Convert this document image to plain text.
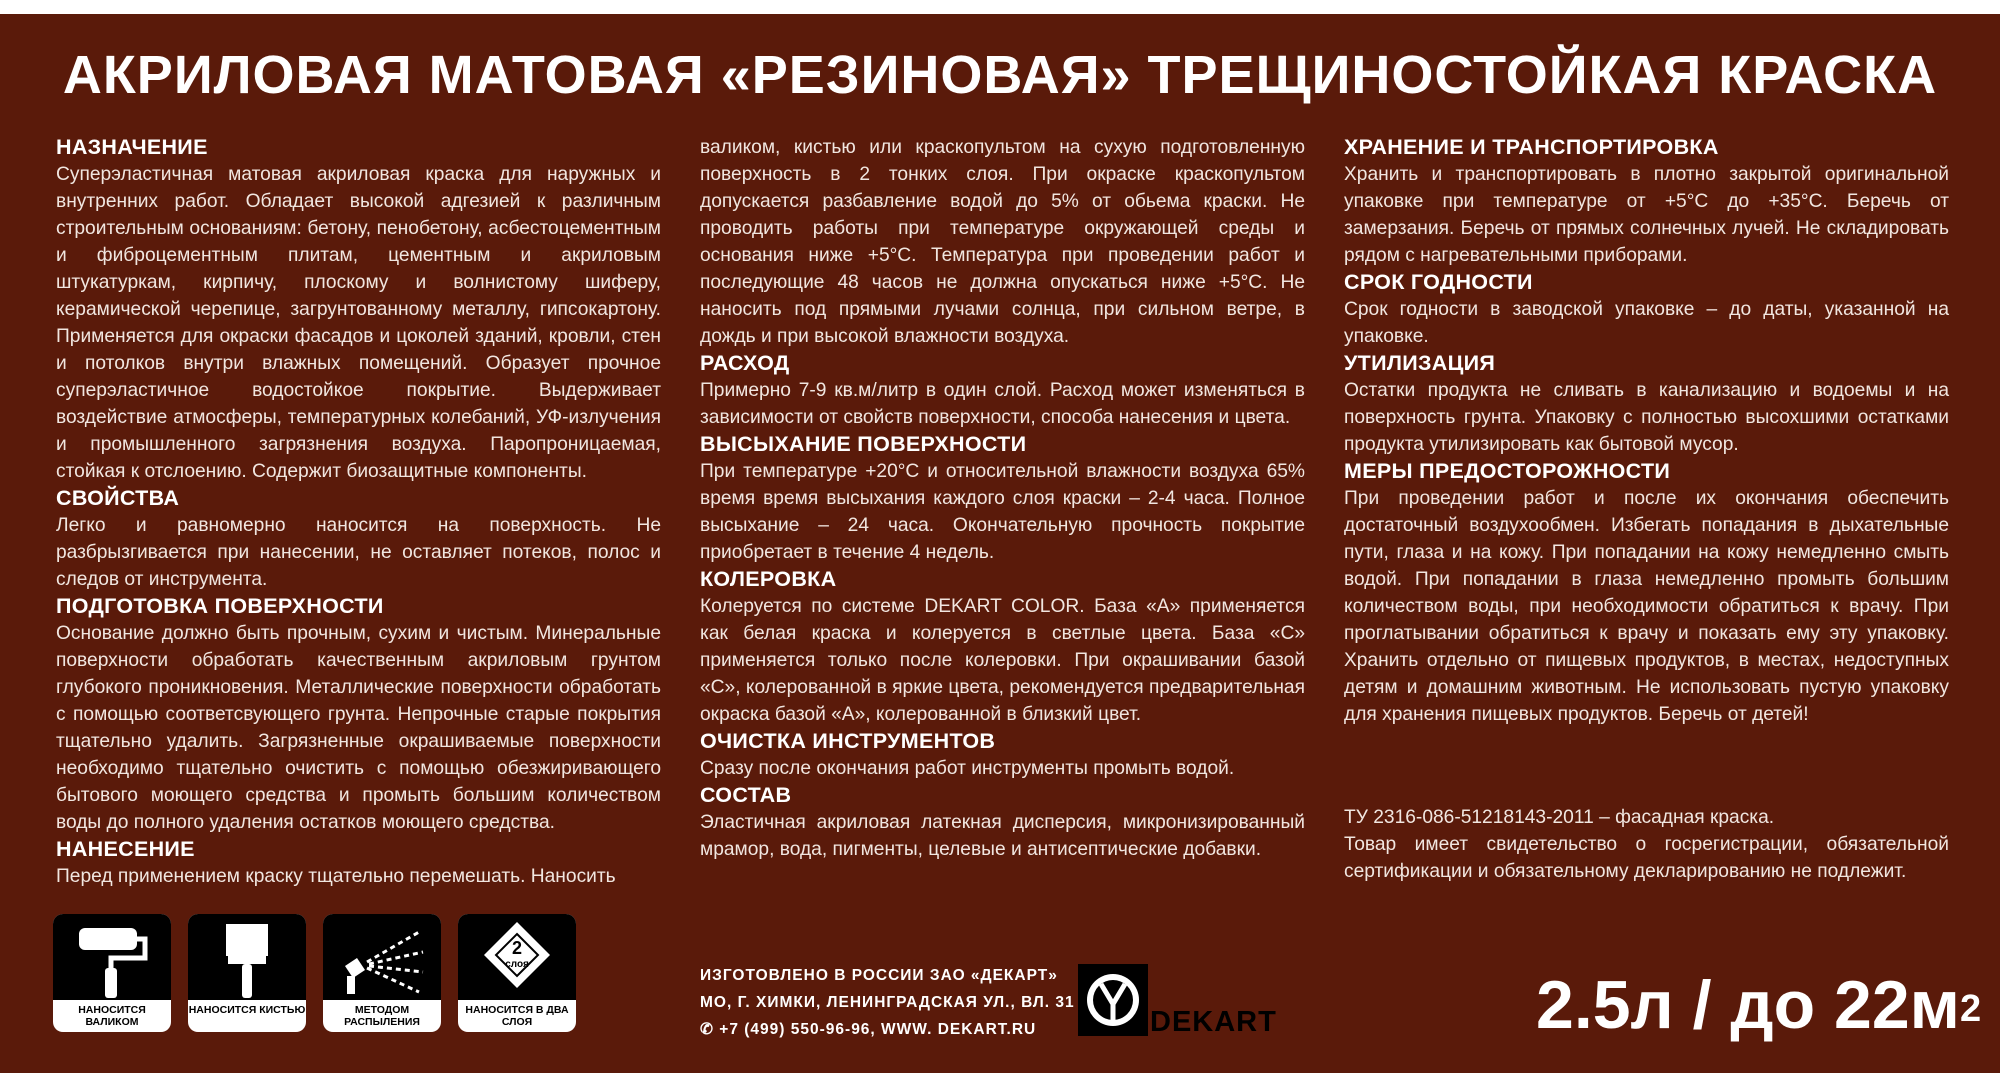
АКРИЛОВАЯ МАТОВАЯ «РЕЗИНОВАЯ» ТРЕЩИНОСТОЙКАЯ КРАСКА
НАЗНАЧЕНИЕ

Суперэластичная матовая акриловая краска для наружных и внутренних работ. Обладает высокой адгезией к различным строительным основаниям: бетону, пенобетону, асбестоцементным и фиброцементным плитам, цементным и акриловым штукатуркам, кирпичу, плоскому и волнистому шиферу, керамической черепице, загрунтованному металлу, гипсокартону. Применяется для окраски фасадов и цоколей зданий, кровли, стен и потолков внутри влажных помещений. Образует прочное суперэластичное водостойкое покрытие. Выдерживает воздействие атмосферы, температурных колебаний, УФ-излучения и промышленного загрязнения воздуха. Паропроницаемая, стойкая к отслоению. Содержит биозащитные компоненты.

СВОЙСТВА

Легко и равномерно наносится на поверхность. Не разбрызгивается при нанесении, не оставляет потеков, полос и следов от инструмента.

ПОДГОТОВКА ПОВЕРХНОСТИ

Основание должно быть прочным, сухим и чистым. Минеральные поверхности обработать качественным акриловым грунтом глубокого проникновения. Металлические поверхности обработать с помощью соответсвующего грунта. Непрочные старые покрытия тщательно удалить. Загрязненные окрашиваемые поверхности необходимо тщательно очистить с помощью обезжиривающего бытового моющего средства и промыть большим количеством воды до полного удаления остатков моющего средства.

НАНЕСЕНИЕ

Перед применением краску тщательно перемешать. Наносить

валиком, кистью или краскопультом на сухую подготовленную поверхность в 2 тонких слоя. При окраске краскопультом допускается разбавление водой до 5% от обьема краски. Не проводить работы при температуре окружающей среды и основания ниже +5°С. Температура при проведении работ и последующие 48 часов не должна опускаться ниже +5°С. Не наносить под прямыми лучами солнца, при сильном ветре, в дождь и при высокой влажности воздуха.

РАСХОД

Примерно 7-9 кв.м/литр в один слой. Расход может изменяться в зависимости от свойств поверхности, способа нанесения и цвета.

ВЫСЫХАНИЕ ПОВЕРХНОСТИ

При температуре +20°С и относительной влажности воздуха 65% время время высыхания каждого слоя краски – 2-4 часа. Полное высыхание – 24 часа. Окончательную прочность покрытие приобретает в течение 4 недель.

КОЛЕРОВКА

Колеруется по системе DEKART COLOR. База «А» применяется как белая краска и колеруется в светлые цвета. База «С» применяется только после колеровки. При окрашивании базой «С», колерованной в яркие цвета, рекомендуется предварительная окраска базой «А», колерованной в близкий цвет.

ОЧИСТКА ИНСТРУМЕНТОВ

Сразу после окончания работ инструменты промыть водой.

СОСТАВ

Эластичная акриловая латекная дисперсия, микронизированный мрамор, вода, пигменты, целевые и антисептические добавки.

ХРАНЕНИЕ И ТРАНСПОРТИРОВКА

Хранить и транспортировать в плотно закрытой оригинальной упаковке при температуре от +5°С до +35°С. Беречь от замерзания. Беречь от прямых солнечных лучей. Не складировать рядом с нагревательными приборами.

СРОК ГОДНОСТИ

Срок годности в заводской упаковке – до даты, указанной на упаковке.

УТИЛИЗАЦИЯ

Остатки продукта не сливать в канализацию и водоемы и на поверхность грунта. Упаковку с полностью высохшими остатками продукта утилизировать как бытовой мусор.

МЕРЫ ПРЕДОСТОРОЖНОСТИ

При проведении работ и после их окончания обеспечить достаточный воздухообмен. Избегать попадания в дыхательные пути, глаза и на кожу. При попадании на кожу немедленно смыть водой. При попадании в глаза немедленно промыть большим количеством воды, при необходимости обратиться к врачу. При проглатывании обратиться к врачу и показать ему эту упаковку. Хранить отдельно от пищевых продуктов, в местах, недоступных детям и домашним животным. Не использовать пустую упаковку для хранения пищевых продуктов. Беречь от детей!

ТУ 2316-086-51218143-2011 – фасадная краска.

Товар имеет свидетельство о госрегистрации, обязательной сертификации и обязательному декларированию не подлежит.

НАНОСИТСЯ ВАЛИКОМ
НАНОСИТСЯ КИСТЬЮ	МЕТОДОМ РАСПЫЛЕНИЯ
2
слоя
НАНОСИТСЯ В ДВА СЛОЯ
ИЗГОТОВЛЕНО В РОССИИ ЗАО «ДЕКАРТ»
МО, Г. ХИМКИ, ЛЕНИНГРАДСКАЯ УЛ., ВЛ. 31
✆ +7 (499) 550-96-96, WWW. DEKART.RU	DEKART	2.5л / до $22м^2$
